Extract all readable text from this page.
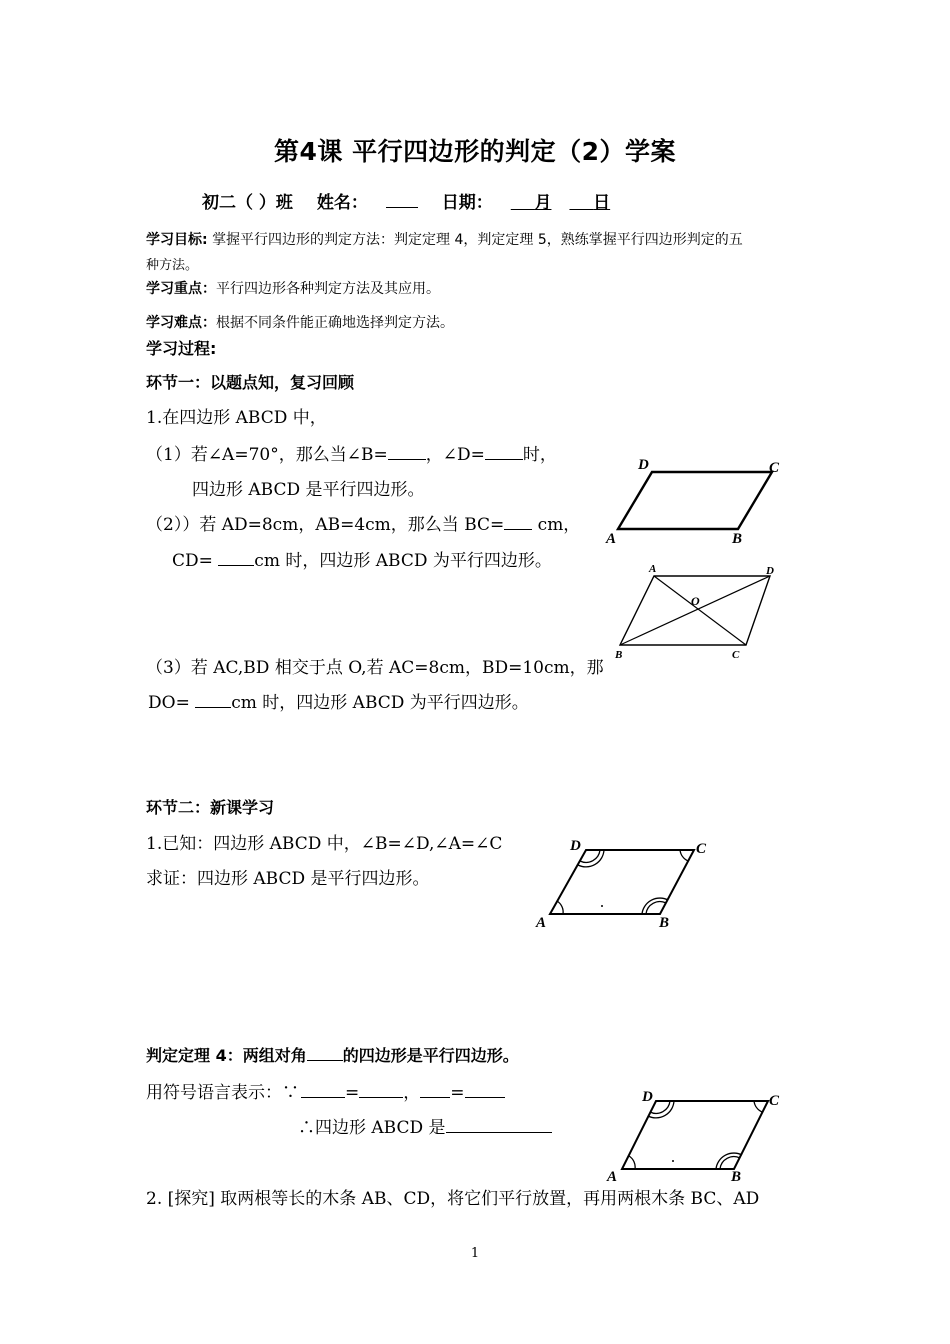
第4课 平行四边形的判定（2）学案
初二（ ）班 姓名：	日期： 月 日
学习目标: 掌握平行四边形的判定方法：判定定理 4，判定定理 5，熟练掌握平行四边形判定的五
种方法。
学习重点：平行四边形各种判定方法及其应用。
学习难点：根据不同条件能正确地选择判定方法。
学习过程:
环节一：以题点知，复习回顾
1.在四边形 ABCD 中，
（1）若∠A=70°，那么当∠B= ，∠D= 时，
四边形 ABCD 是平行四边形。
（2））若 AD=8cm，AB=4cm，那么当 BC= cm，
CD= cm 时，四边形 ABCD 为平行四边形。
（3）若 AC,BD 相交于点 O,若 AC=8cm，BD=10cm，那
DO= cm 时，四边形 ABCD 为平行四边形。
环节二：新课学习
1.已知：四边形 ABCD 中，∠B=∠D,∠A=∠C
求证：四边形 ABCD 是平行四边形。
判定定理 4：两组对角 的四边形是平行四边形。
用符号语言表示：∵	=	， =
∴四边形 ABCD 是
2. [探究] 取两根等长的木条 AB、CD，将它们平行放置，再用两根木条 BC、AD
1
A	B
C
D
A
B	C
D
O
A	B
C
D
A	B
C
D
